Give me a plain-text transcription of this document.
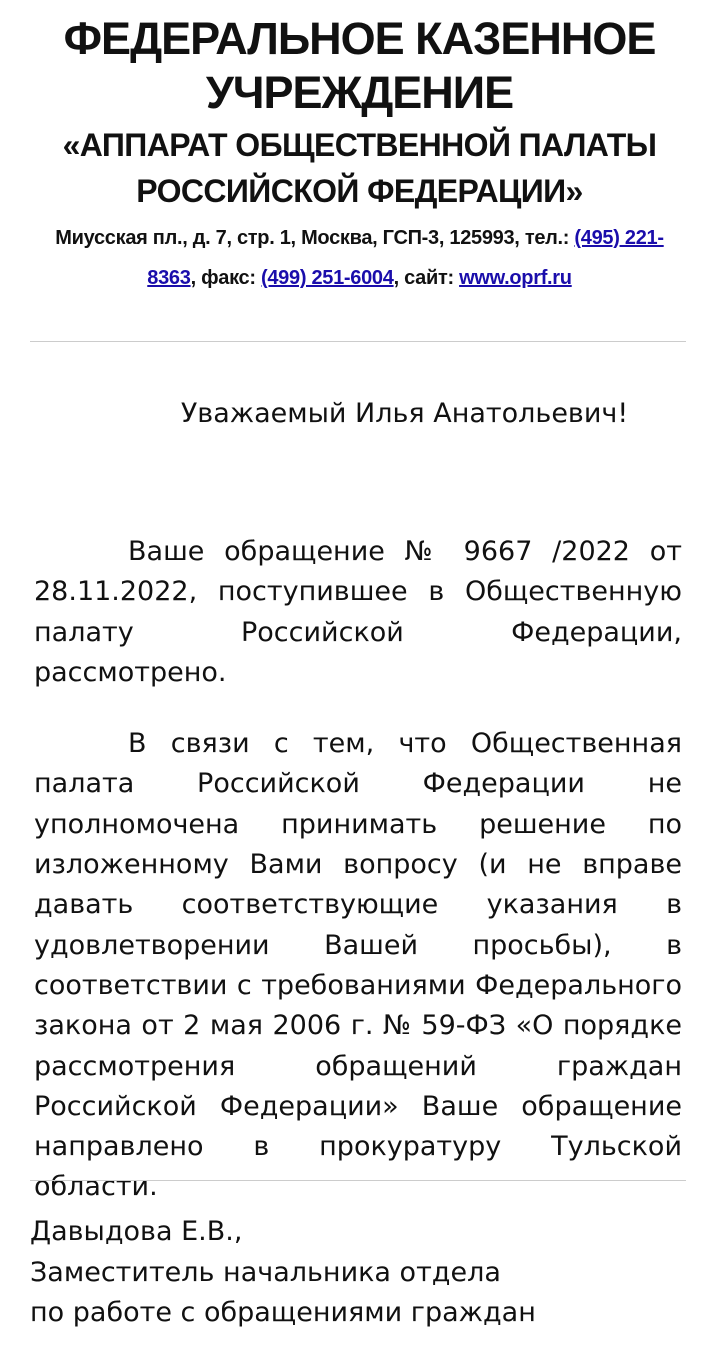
ФЕДЕРАЛЬНОЕ КАЗЕННОЕ УЧРЕЖДЕНИЕ
«АППАРАТ ОБЩЕСТВЕННОЙ ПАЛАТЫ РОССИЙСКОЙ ФЕДЕРАЦИИ»
Миусская пл., д. 7, стр. 1, Москва, ГСП-3, 125993, тел.: (495) 221-8363, факс: (499) 251-6004, сайт: www.oprf.ru
Уважаемый Илья Анатольевич!

Ваше обращение № 9667 /2022 от 28.11.2022, поступившее в Общественную палату Российской Федерации, рассмотрено.

В связи с тем, что Общественная палата Российской Федерации не уполномочена принимать решение по изложенному Вами вопросу (и не вправе давать соответствующие указания в удовлетворении Вашей просьбы), в соответствии с требованиями Федерального закона от 2 мая 2006 г. № 59-ФЗ «О порядке рассмотрения обращений граждан Российской Федерации» Ваше обращение направлено в прокуратуру Тульской области.

Давыдова Е.В.,
Заместитель начальника отдела
по работе с обращениями граждан
